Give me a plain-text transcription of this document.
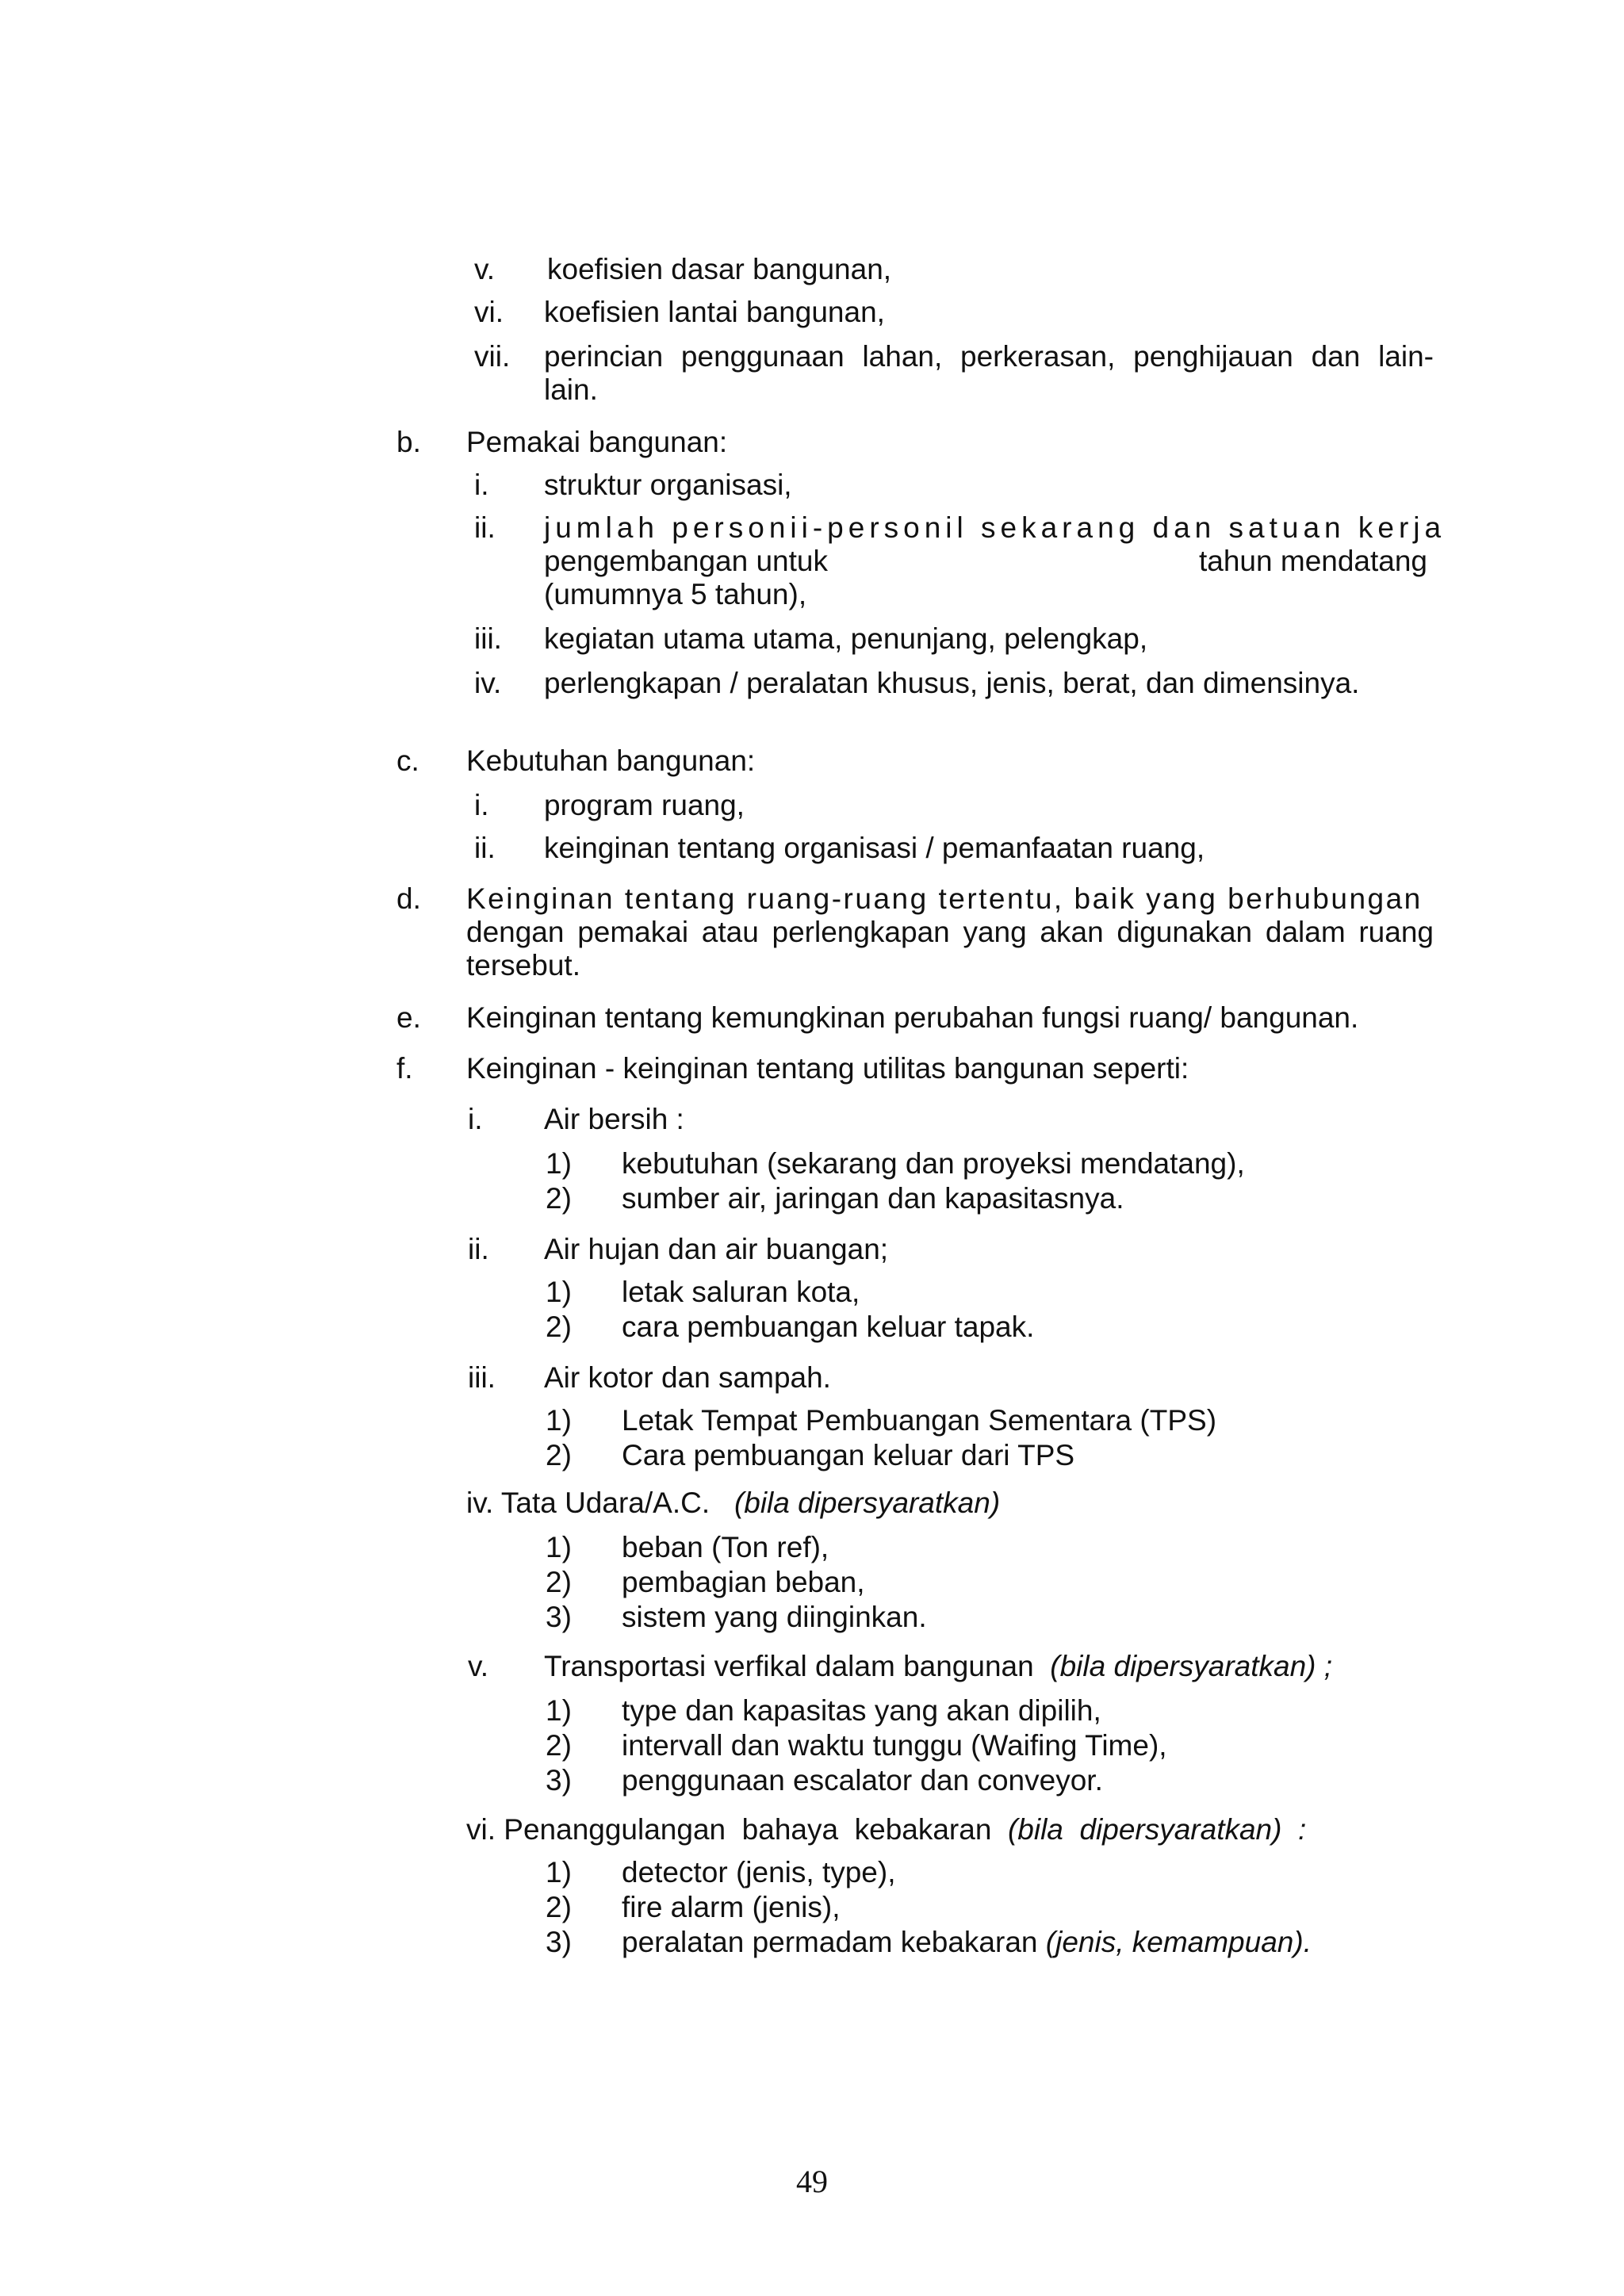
v. koefisien dasar bangunan,
vi. koefisien lantai bangunan,
vii. perincian penggunaan lahan, perkerasan, penghijauan dan lain-
lain.
b. Pemakai bangunan:
i. struktur organisasi,
ii. jumlah personii-personil sekarang dan satuan kerja
pengembangan untuk	tahun mendatang
(umumnya 5 tahun),
iii. kegiatan utama utama, penunjang, pelengkap,
iv. perlengkapan / peralatan khusus, jenis, berat, dan dimensinya.
c. Kebutuhan bangunan:
i. program ruang,
ii. keinginan tentang organisasi / pemanfaatan ruang,
d. Keinginan tentang ruang-ruang tertentu, baik yang berhubungan
dengan pemakai atau perlengkapan yang akan digunakan dalam ruang
tersebut.
e. Keinginan tentang kemungkinan perubahan fungsi ruang/ bangunan.
f. Keinginan - keinginan tentang utilitas bangunan seperti:
i. Air bersih :
1) kebutuhan (sekarang dan proyeksi mendatang),
2) sumber air, jaringan dan kapasitasnya.
ii. Air hujan dan air buangan;
1) letak saluran kota,
2) cara pembuangan keluar tapak.
iii. Air kotor dan sampah.
1) Letak Tempat Pembuangan Sementara (TPS)
2) Cara pembuangan keluar dari TPS
iv. Tata Udara/A.C. (bila dipersyaratkan)
1) beban (Ton ref),
2) pembagian beban,
3) sistem yang diinginkan.
v. Transportasi verfikal dalam bangunan (bila dipersyaratkan) ;
1) type dan kapasitas yang akan dipilih,
2) intervall dan waktu tunggu (Waifing Time),
3) penggunaan escalator dan conveyor.
vi. Penanggulangan  bahaya  kebakaran (bila  dipersyaratkan)  :
1) detector (jenis, type),
2) fire alarm (jenis),
3) peralatan permadam kebakaran (jenis, kemampuan).
49
